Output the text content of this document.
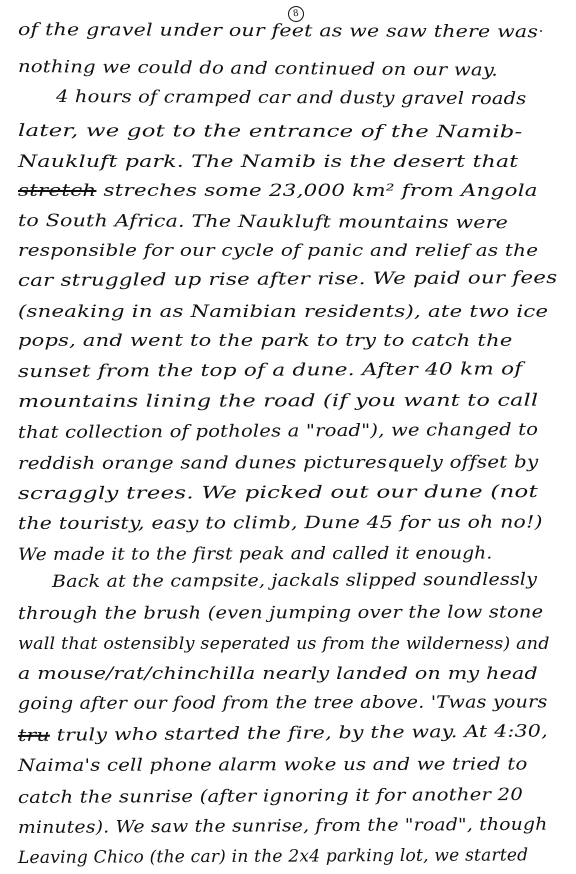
8
of the gravel under our feet as we saw there was
nothing we could do and continued on our way.
4 hours of cramped car and dusty gravel roads
later, we got to the entrance of the Namib-
Naukluft park. The Namib is the desert that
stretch streches some 23,000 km² from Angola
to South Africa. The Naukluft mountains were
responsible for our cycle of panic and relief as the
car struggled up rise after rise. We paid our fees
(sneaking in as Namibian residents), ate two ice
pops, and went to the park to try to catch the
sunset from the top of a dune. After 40 km of
mountains lining the road (if you want to call
that collection of potholes a "road"), we changed to
reddish orange sand dunes picturesquely offset by
scraggly trees. We picked out our dune (not
the touristy, easy to climb, Dune 45 for us oh no!)
We made it to the first peak and called it enough.
Back at the campsite, jackals slipped soundlessly
through the brush (even jumping over the low stone
wall that ostensibly seperated us from the wilderness) and
a mouse/rat/chinchilla nearly landed on my head
going after our food from the tree above. 'Twas yours
tru truly who started the fire, by the way. At 4:30,
Naima's cell phone alarm woke us and we tried to
catch the sunrise (after ignoring it for another 20
minutes). We saw the sunrise, from the "road", though
Leaving Chico (the car) in the 2x4 parking lot, we started
